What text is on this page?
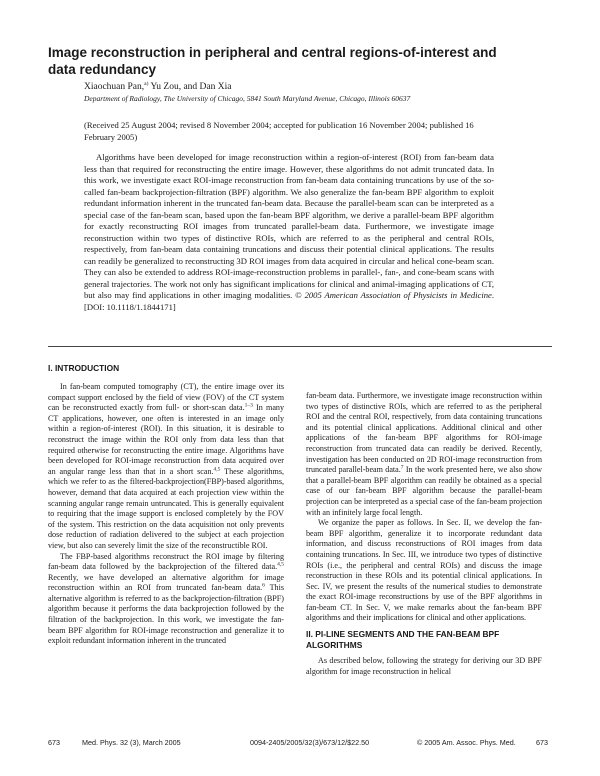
Image reconstruction in peripheral and central regions-of-interest and data redundancy
Xiaochuan Pan,$^{a)}$ Yu Zou, and Dan Xia
Department of Radiology, The University of Chicago, 5841 South Maryland Avenue, Chicago, Illinois 60637
(Received 25 August 2004; revised 8 November 2004; accepted for publication 16 November 2004; published 16 February 2005)
Algorithms have been developed for image reconstruction within a region-of-interest (ROI) from fan-beam data less than that required for reconstructing the entire image. However, these algorithms do not admit truncated data. In this work, we investigate exact ROI-image reconstruction from fan-beam data containing truncations by use of the so-called fan-beam backprojection-filtration (BPF) algorithm. We also generalize the fan-beam BPF algorithm to exploit redundant information inherent in the truncated fan-beam data. Because the parallel-beam scan can be interpreted as a special case of the fan-beam scan, based upon the fan-beam BPF algorithm, we derive a parallel-beam BPF algorithm for exactly reconstructing ROI images from truncated parallel-beam data. Furthermore, we investigate image reconstruction within two types of distinctive ROIs, which are referred to as the peripheral and central ROIs, respectively, from fan-beam data containing truncations and discuss their potential clinical applications. The results can readily be generalized to reconstructing 3D ROI images from data acquired in circular and helical cone-beam scan. They can also be extended to address ROI-image-reconstruction problems in parallel-, fan-, and cone-beam scans with general trajectories. The work not only has significant implications for clinical and animal-imaging applications of CT, but also may find applications in other imaging modalities. © 2005 American Association of Physicists in Medicine. [DOI: 10.1118/1.1844171]
I. INTRODUCTION

In fan-beam computed tomography (CT), the entire image over its compact support enclosed by the field of view (FOV) of the CT system can be reconstructed exactly from full- or short-scan data.$^{1-3}$ In many CT applications, however, one often is interested in an image only within a region-of-interest (ROI). In this situation, it is desirable to reconstruct the image within the ROI only from data less than that required otherwise for reconstructing the entire image. Algorithms have been developed for ROI-image reconstruction from data acquired over an angular range less than that in a short scan.$^{4,5}$ These algorithms, which we refer to as the filtered-backprojection(FBP)-based algorithms, however, demand that data acquired at each projection view within the scanning angular range remain untruncated. This is generally equivalent to requiring that the image support is enclosed completely by the FOV of the system. This restriction on the data acquisition not only prevents dose reduction of radiation delivered to the subject at each projection view, but also can severely limit the size of the reconstructible ROI.

The FBP-based algorithms reconstruct the ROI image by filtering fan-beam data followed by the backprojection of the filtered data.$^{4,5}$ Recently, we have developed an alternative algorithm for image reconstruction within an ROI from truncated fan-beam data.$^6$ This alternative algorithm is referred to as the backprojection-filtration (BPF) algorithm because it performs the data backprojection followed by the filtration of the backprojection. In this work, we investigate the fan-beam BPF algorithm for ROI-image reconstruction and generalize it to exploit redundant information inherent in the truncated

fan-beam data. Furthermore, we investigate image reconstruction within two types of distinctive ROIs, which are referred to as the peripheral ROI and the central ROI, respectively, from data containing truncations and its potential clinical applications. Additional clinical and other applications of the fan-beam BPF algorithms for ROI-image reconstruction from truncated data can readily be derived. Recently, investigation has been conducted on 2D ROI-image reconstruction from truncated parallel-beam data.$^7$ In the work presented here, we also show that a parallel-beam BPF algorithm can readily be obtained as a special case of our fan-beam BPF algorithm because the parallel-beam projection can be interpreted as a special case of the fan-beam projection with an infinitely large focal length.

We organize the paper as follows. In Sec. II, we develop the fan-beam BPF algorithm, generalize it to incorporate redundant data information, and discuss reconstructions of ROI images from data containing truncations. In Sec. III, we introduce two types of distinctive ROIs (i.e., the peripheral and central ROIs) and discuss the image reconstruction in these ROIs and its potential clinical applications. In Sec. IV, we present the results of the numerical studies to demonstrate the exact ROI-image reconstructions by use of the BPF algorithms in fan-beam CT. In Sec. V, we make remarks about the fan-beam BPF algorithms and their implications for clinical and other applications.

II. PI-LINE SEGMENTS AND THE FAN-BEAM BPF ALGORITHMS

As described below, following the strategy for deriving our 3D BPF algorithm for image reconstruction in helical

673	Med. Phys. 32 (3), March 2005	0094-2405/2005/32(3)/673/12/$22.50	© 2005 Am. Assoc. Phys. Med.	673
